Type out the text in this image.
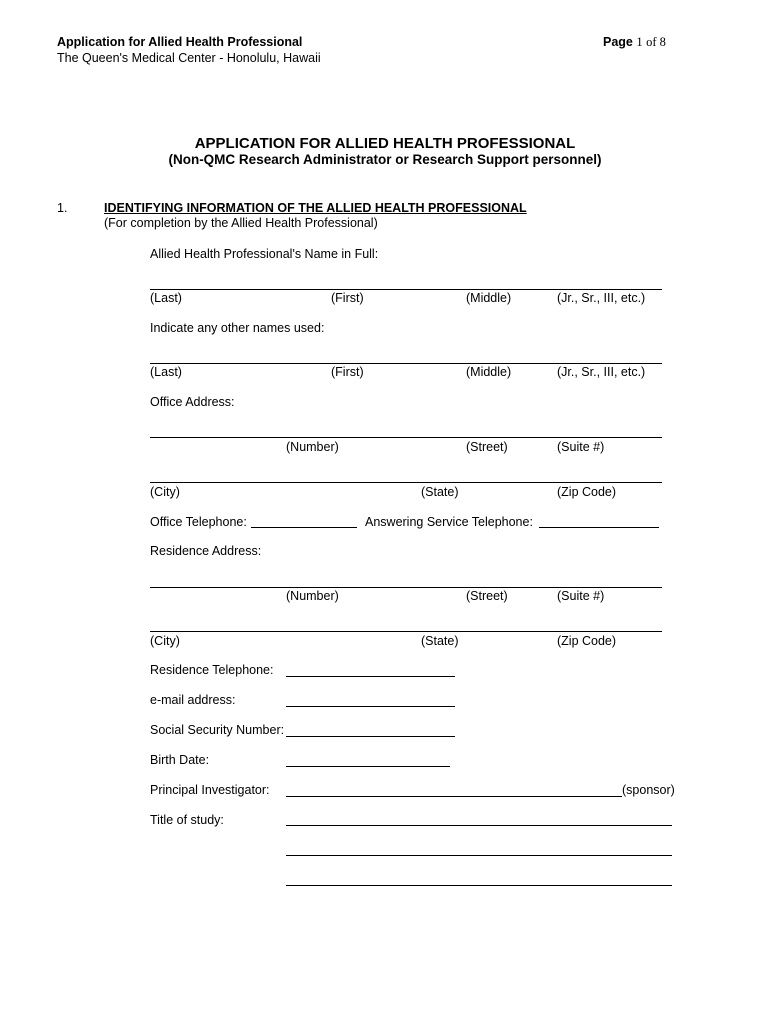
Application for Allied Health Professional
The Queen's Medical Center - Honolulu, Hawaii
Page 1 of 8
APPLICATION FOR ALLIED HEALTH PROFESSIONAL
(Non-QMC Research Administrator or Research Support personnel)
1.	IDENTIFYING INFORMATION OF THE ALLIED HEALTH PROFESSIONAL
(For completion by the Allied Health Professional)
Allied Health Professional's Name in Full:
(Last)	(First)	(Middle)	(Jr., Sr., III, etc.)
Indicate any other names used:
(Last)	(First)	(Middle)	(Jr., Sr., III, etc.)
Office Address:
(Number)	(Street)	(Suite #)
(City)	(State)	(Zip Code)
Office Telephone:	Answering Service Telephone:
Residence Address:
(Number)	(Street)	(Suite #)
(City)	(State)	(Zip Code)
Residence Telephone:
e-mail address:
Social Security Number:
Birth Date:
Principal Investigator:	(sponsor)
Title of study:
